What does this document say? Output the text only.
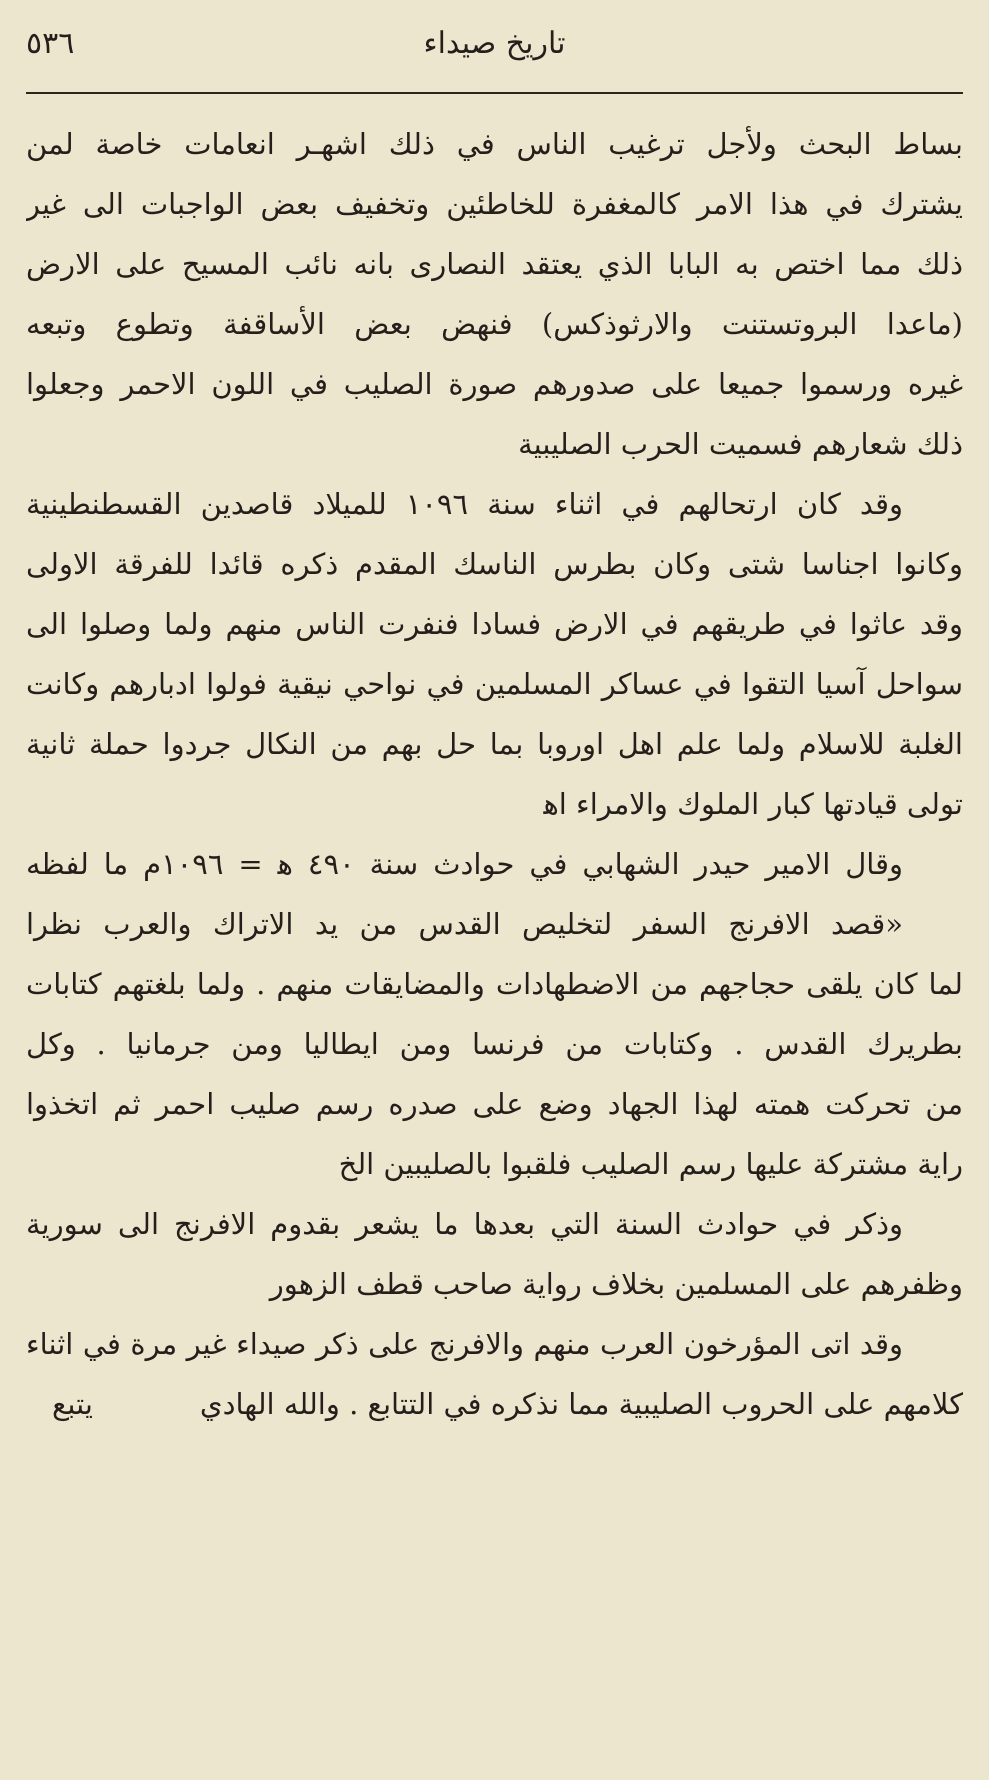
٥٣٦	تاريخ صيداء
بساط البحث ولأجل ترغيب الناس في ذلك اشهـر انعامات خاصة لمن
يشترك في هذا الامر كالمغفرة للخاطئين وتخفيف بعض الواجبات الى غير
ذلك مما اختص به البابا الذي يعتقد النصارى بانه نائب المسيح على الارض
(ماعدا البروتستنت والارثوذكس) فنهض بعض الأساقفة وتطوع وتبعه
غيره ورسموا جميعا على صدورهم صورة الصليب في اللون الاحمر وجعلوا
ذلك شعارهم فسميت الحرب الصليبية
وقد كان ارتحالهم في اثناء سنة ١٠٩٦ للميلاد قاصدين القسطنطينية
وكانوا اجناسا شتى وكان بطرس الناسك المقدم ذكره قائدا للفرقة الاولى
وقد عاثوا في طريقهم في الارض فسادا فنفرت الناس منهم ولما وصلوا الى
سواحل آسيا التقوا في عساكر المسلمين في نواحي نيقية فولوا ادبارهم وكانت
الغلبة للاسلام ولما علم اهل اوروبا بما حل بهم من النكال جردوا حملة ثانية
تولى قيادتها كبار الملوك والامراء اﻫ
وقال الامير حيدر الشهابي في حوادث سنة ٤٩٠ ﻫ = ١٠٩٦م ما لفظه
«قصد الافرنج السفر لتخليص القدس من يد الاتراك والعرب نظرا
لما كان يلقى حجاجهم من الاضطهادات والمضايقات منهم . ولما بلغتهم كتابات
بطريرك القدس . وكتابات من فرنسا ومن ايطاليا ومن جرمانيا . وكل
من تحركت همته لهذا الجهاد وضع على صدره رسم صليب احمر ثم اتخذوا
راية مشتركة عليها رسم الصليب فلقبوا بالصليبين الخ
وذكر في حوادث السنة التي بعدها ما يشعر بقدوم الافرنج الى سورية
وظفرهم على المسلمين بخلاف رواية صاحب قطف الزهور
وقد اتى المؤرخون العرب منهم والافرنج على ذكر صيداء غير مرة في اثناء
كلامهم على الحروب الصليبية مما نذكره في التتابع . والله الهادي
يتبع
